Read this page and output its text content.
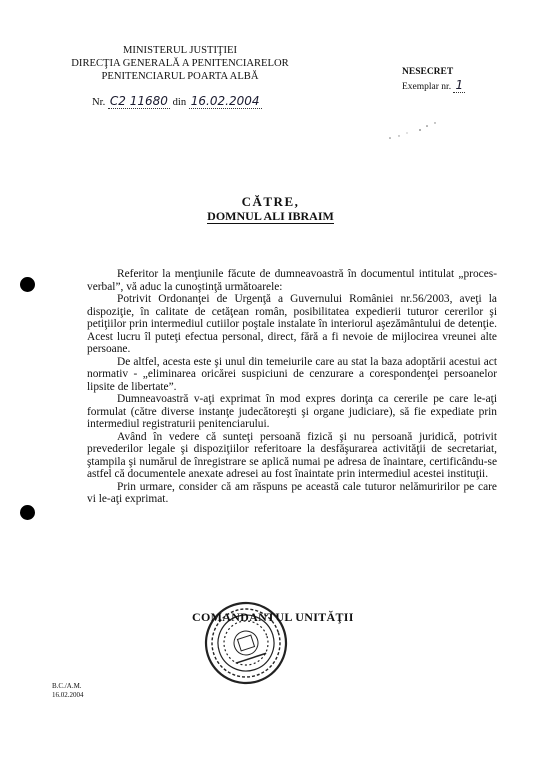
MINISTERUL JUSTIŢIEI
DIRECŢIA GENERALĂ A PENITENCIARELOR
PENITENCIARUL POARTA ALBĂ
Nr. C2 11680 din 16.02.2004
NESECRET
Exemplar nr. 1
CĂTRE,
DOMNUL ALI IBRAIM

Referitor la menţiunile făcute de dumneavoastră în documentul intitulat „proces-verbal”, vă aduc la cunoştinţă următoarele:

Potrivit Ordonanţei de Urgenţă a Guvernului României nr.56/2003, aveţi la dispoziţie, în calitate de cetăţean român, posibilitatea expedierii tuturor cererilor şi petiţiilor prin intermediul cutiilor poştale instalate în interiorul aşezământului de detenţie. Acest lucru îl puteţi efectua personal, direct, fără a fi nevoie de mijlocirea vreunei alte persoane.

De altfel, acesta este şi unul din temeiurile care au stat la baza adoptării acestui act normativ - „eliminarea oricărei suspiciuni de cenzurare a corespondenţei persoanelor lipsite de libertate”.

Dumneavoastră v-aţi exprimat în mod expres dorinţa ca cererile pe care le-aţi formulat (către diverse instanţe judecătoreşti şi organe judiciare), să fie expediate prin intermediul registraturii penitenciarului.

Având în vedere că sunteţi persoană fizică şi nu persoană juridică, potrivit prevederilor legale şi dispoziţiilor referitoare la desfăşurarea activităţii de secretariat, ştampila şi numărul de înregistrare se aplică numai pe adresa de înaintare, certificându-se astfel că documentele anexate adresei au fost înaintate prin intermediul acestei instituţii.

Prin urmare, consider că am răspuns pe această cale tuturor nelămuririlor pe care vi le-aţi exprimat.

COMANDANTUL UNITĂŢII
B.C./A.M.
16.02.2004
